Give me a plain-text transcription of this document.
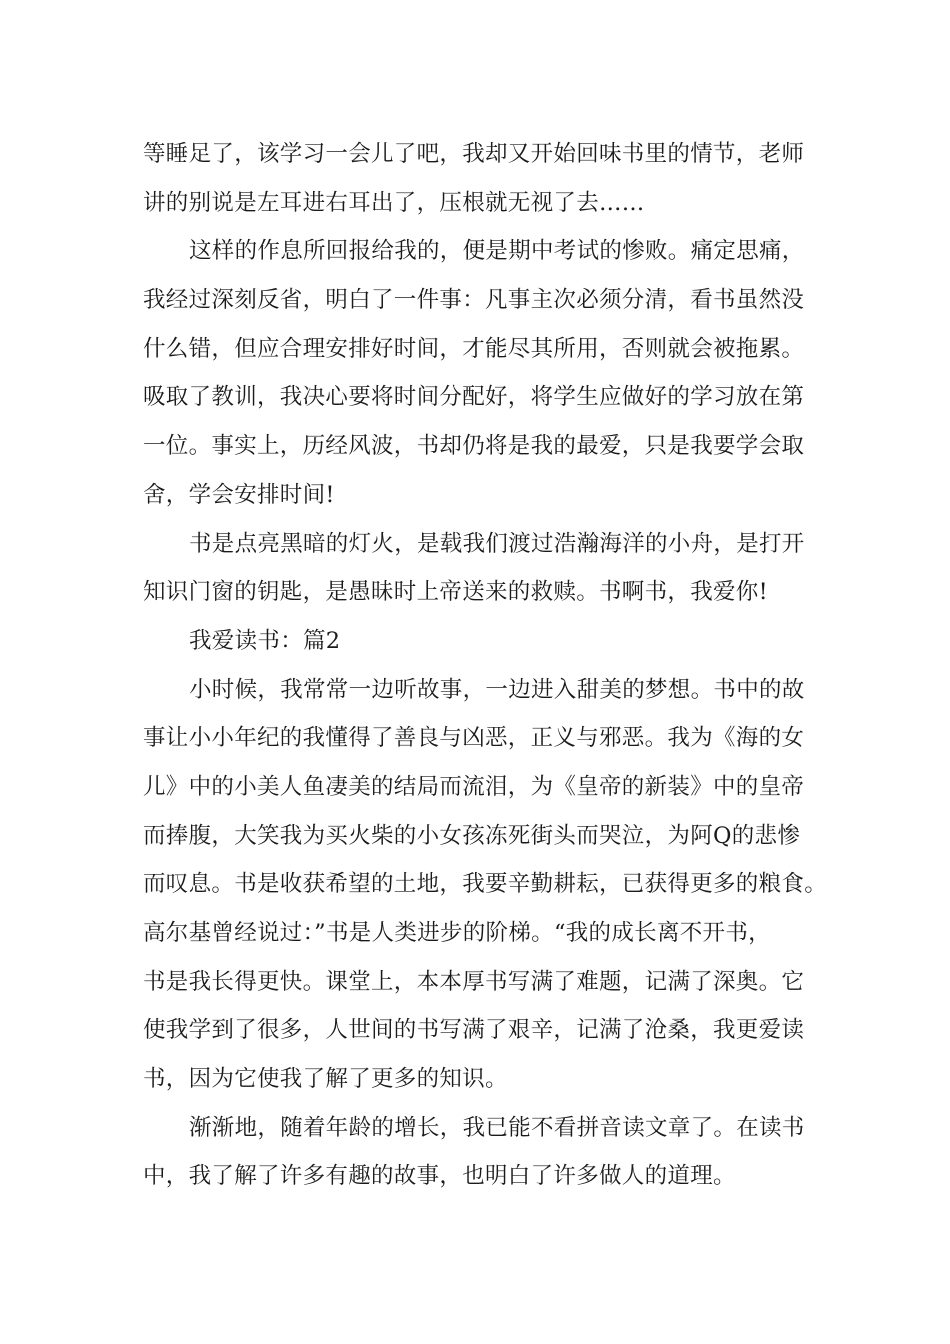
等睡足了，该学习一会儿了吧，我却又开始回味书里的情节，老师
讲的别说是左耳进右耳出了，压根就无视了去……
这样的作息所回报给我的，便是期中考试的惨败。痛定思痛，
我经过深刻反省，明白了一件事：凡事主次必须分清，看书虽然没
什么错，但应合理安排好时间，才能尽其所用，否则就会被拖累。
吸取了教训，我决心要将时间分配好，将学生应做好的学习放在第
一位。事实上，历经风波，书却仍将是我的最爱，只是我要学会取
舍，学会安排时间!
书是点亮黑暗的灯火，是载我们渡过浩瀚海洋的小舟，是打开
知识门窗的钥匙，是愚昧时上帝送来的救赎。书啊书，我爱你!
我爱读书：篇2
小时候，我常常一边听故事，一边进入甜美的梦想。书中的故
事让小小年纪的我懂得了善良与凶恶，正义与邪恶。我为《海的女
儿》中的小美人鱼凄美的结局而流泪，为《皇帝的新装》中的皇帝
而捧腹，大笑我为买火柴的小女孩冻死街头而哭泣，为阿Q的悲惨
而叹息。书是收获希望的土地，我要辛勤耕耘，已获得更多的粮食。
高尔基曾经说过：”书是人类进步的阶梯。“我的成长离不开书，
书是我长得更快。课堂上，本本厚书写满了难题，记满了深奥。它
使我学到了很多，人世间的书写满了艰辛，记满了沧桑，我更爱读
书，因为它使我了解了更多的知识。
渐渐地，随着年龄的增长，我已能不看拼音读文章了。在读书
中，我了解了许多有趣的故事，也明白了许多做人的道理。
